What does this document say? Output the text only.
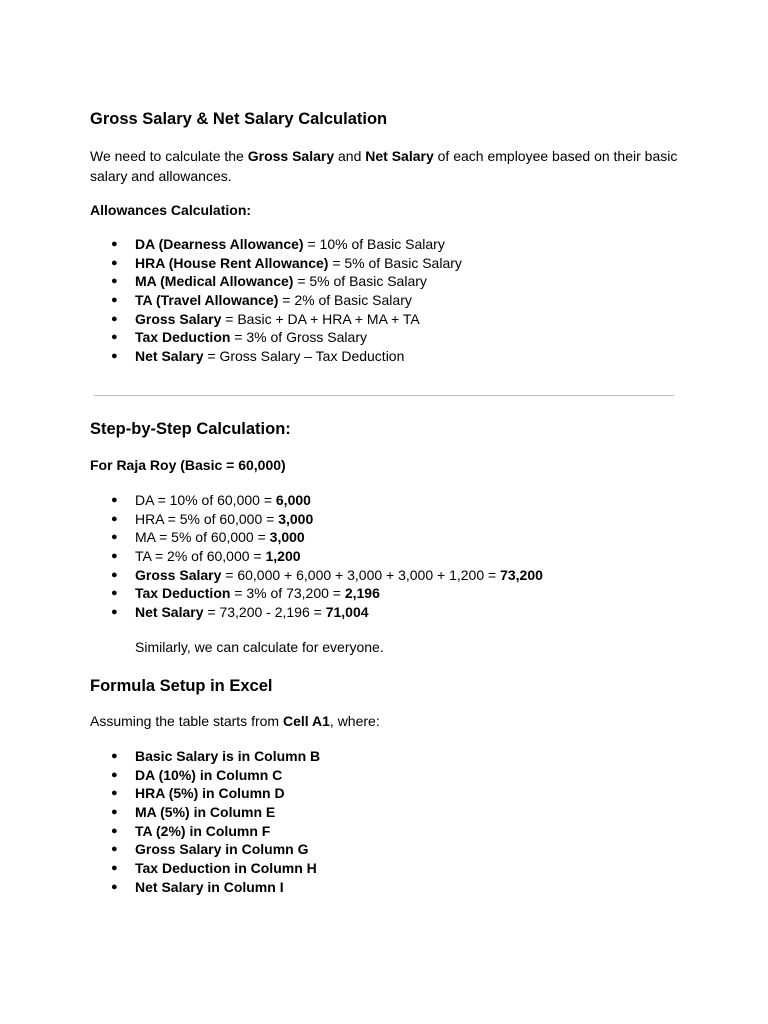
Gross Salary & Net Salary Calculation
We need to calculate the Gross Salary and Net Salary of each employee based on their basic salary and allowances.
Allowances Calculation:
● DA (Dearness Allowance) = 10% of Basic Salary
● HRA (House Rent Allowance) = 5% of Basic Salary
● MA (Medical Allowance) = 5% of Basic Salary
● TA (Travel Allowance) = 2% of Basic Salary
● Gross Salary = Basic + DA + HRA + MA + TA
● Tax Deduction = 3% of Gross Salary
● Net Salary = Gross Salary – Tax Deduction
Step-by-Step Calculation:
For Raja Roy (Basic = 60,000)
● DA = 10% of 60,000 = 6,000
● HRA = 5% of 60,000 = 3,000
● MA = 5% of 60,000 = 3,000
● TA = 2% of 60,000 = 1,200
● Gross Salary = 60,000 + 6,000 + 3,000 + 3,000 + 1,200 = 73,200
● Tax Deduction = 3% of 73,200 = 2,196
● Net Salary = 73,200 - 2,196 = 71,004
Similarly, we can calculate for everyone.
Formula Setup in Excel
Assuming the table starts from Cell A1, where:
● Basic Salary is in Column B
● DA (10%) in Column C
● HRA (5%) in Column D
● MA (5%) in Column E
● TA (2%) in Column F
● Gross Salary in Column G
● Tax Deduction in Column H
● Net Salary in Column I
